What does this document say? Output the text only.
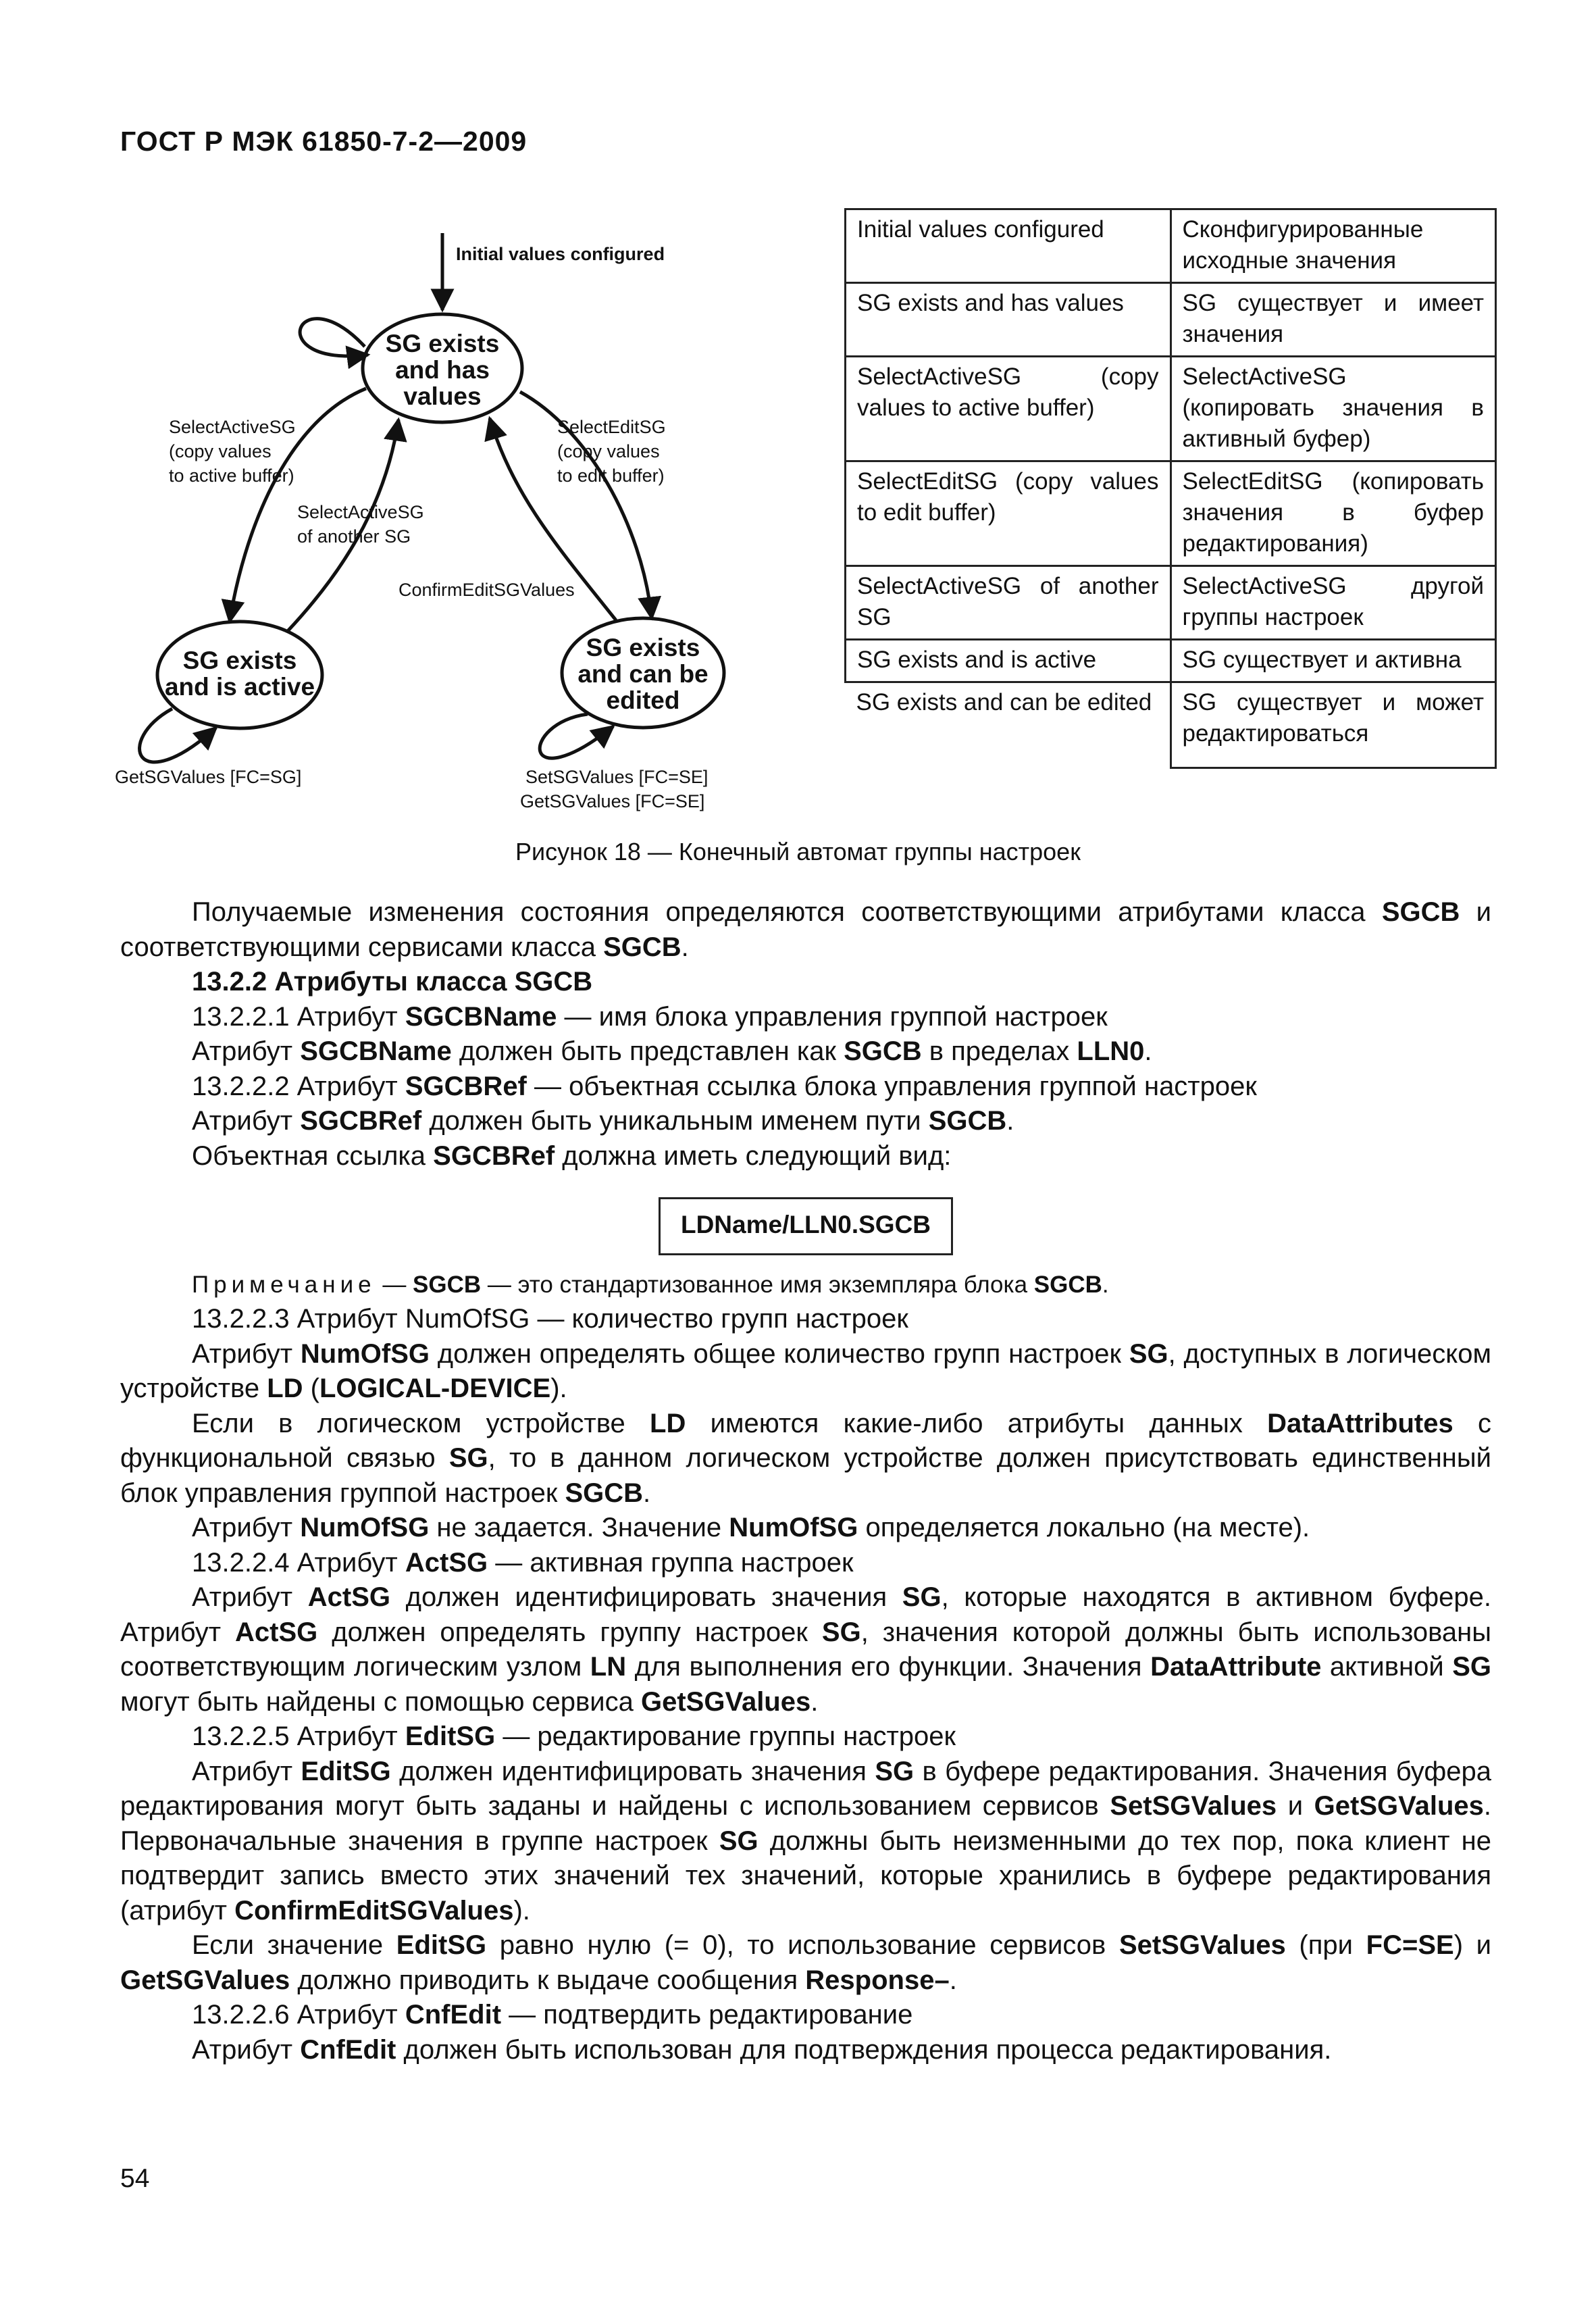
ГОСТ Р МЭК 61850-7-2—2009
SG exists
and has
values
SG exists
and is active
SG exists
and can be
edited
Initial values configured
SelectActiveSG
(copy values
to active buffer)
SelectEditSG
(copy values
to edit buffer)
SelectActiveSG
of another SG
ConfirmEditSGValues
GetSGValues [FC=SG]	SetSGValues [FC=SE]
GetSGValues [FC=SE]
Initial values configured	Сконфигурированные исходные значения
SG exists and has values	SG существует и имеет значения
SelectActiveSG (copy values to active buffer)	SelectActiveSG (копировать значения в активный буфер)
SelectEditSG (copy values to edit buffer)	SelectEditSG (копировать значения в буфер редактирования)
SelectActiveSG of another SG	SelectActiveSG другой группы настроек
SG exists and is active	SG существует и активна
SG exists and can be edited	SG существует и может редактироваться
Рисунок 18 — Конечный автомат группы настроек

Получаемые изменения состояния определяются соответствующими атрибутами класса SGCB и соответствующими сервисами класса SGCB.

13.2.2 Атрибуты класса SGCB

13.2.2.1 Атрибут SGCBName — имя блока управления группой настроек

Атрибут SGCBName должен быть представлен как SGCB в пределах LLN0.

13.2.2.2 Атрибут SGCBRef — объектная ссылка блока управления группой настроек

Атрибут SGCBRef должен быть уникальным именем пути SGCB.

Объектная ссылка SGCBRef должна иметь следующий вид:

LDName/LLN0.SGCB

Примечание — SGCB — это стандартизованное имя экземпляра блока SGCB.

13.2.2.3 Атрибут NumOfSG — количество групп настроек

Атрибут NumOfSG должен определять общее количество групп настроек SG, доступных в логическом устройстве LD (LOGICAL-DEVICE).

Если в логическом устройстве LD имеются какие-либо атрибуты данных DataAttributes с функциональной связью SG, то в данном логическом устройстве должен присутствовать единственный блок управления группой настроек SGCB.

Атрибут NumOfSG не задается. Значение NumOfSG определяется локально (на месте).

13.2.2.4 Атрибут ActSG — активная группа настроек

Атрибут ActSG должен идентифицировать значения SG, которые находятся в активном буфере. Атрибут ActSG должен определять группу настроек SG, значения которой должны быть использованы соответствующим логическим узлом LN для выполнения его функции. Значения DataAttribute активной SG могут быть найдены с помощью сервиса GetSGValues.

13.2.2.5 Атрибут EditSG — редактирование группы настроек

Атрибут EditSG должен идентифицировать значения SG в буфере редактирования. Значения буфера редактирования могут быть заданы и найдены с использованием сервисов SetSGValues и GetSGValues. Первоначальные значения в группе настроек SG должны быть неизменными до тех пор, пока клиент не подтвердит запись вместо этих значений тех значений, которые хранились в буфере редактирования (атрибут ConfirmEditSGValues).

Если значение EditSG равно нулю (= 0), то использование сервисов SetSGValues (при FC=SE) и GetSGValues должно приводить к выдаче сообщения Response–.

13.2.2.6 Атрибут CnfEdit — подтвердить редактирование

Атрибут CnfEdit должен быть использован для подтверждения процесса редактирования.

54
